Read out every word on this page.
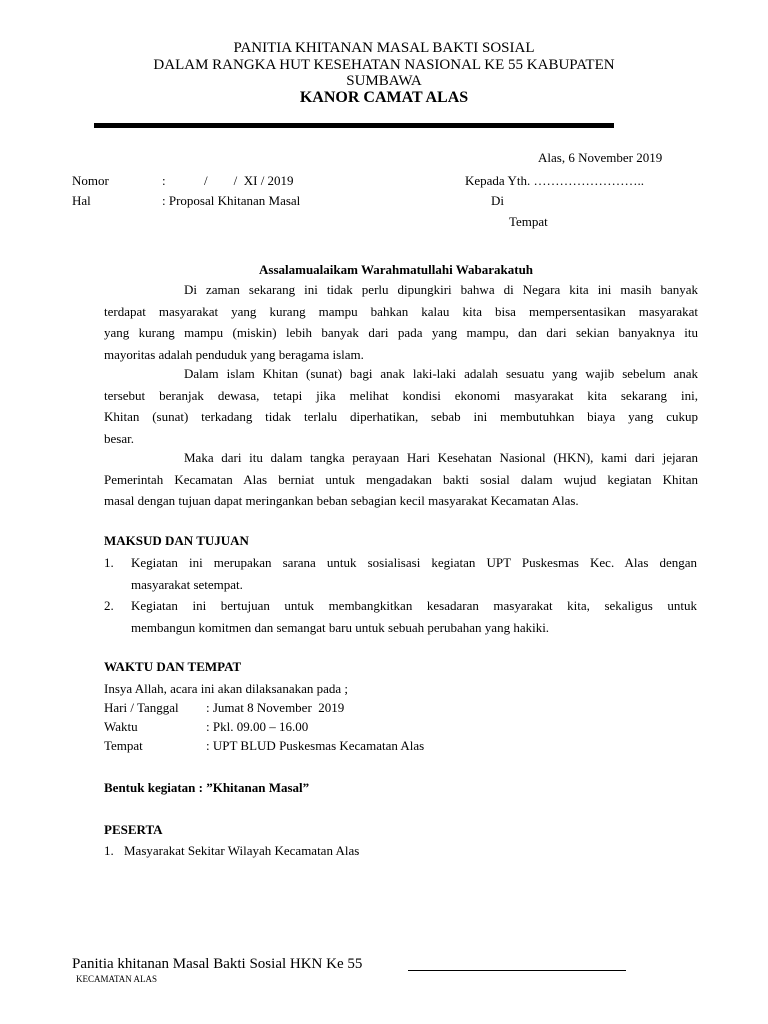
PANITIA KHITANAN MASAL BAKTI SOSIAL
DALAM RANGKA HUT KESEHATAN NASIONAL KE 55 KABUPATEN
SUMBAWA
KANOR CAMAT ALAS
Alas, 6 November 2019
Nomor	:	/        /  XI / 2019	Kepada Yth. ……………………..
Hal	: Proposal Khitanan Masal	Di
Tempat
Assalamualaikam Warahmatullahi Wabarakatuh
Di zaman sekarang ini tidak perlu dipungkiri bahwa di Negara kita ini masih banyak
terdapat masyarakat yang kurang mampu bahkan kalau kita bisa mempersentasikan masyarakat
yang kurang mampu (miskin) lebih banyak dari pada yang mampu, dan dari sekian banyaknya itu
mayoritas adalah penduduk yang beragama islam.
Dalam islam Khitan (sunat) bagi anak laki-laki adalah sesuatu yang wajib sebelum anak
tersebut beranjak dewasa, tetapi jika melihat kondisi ekonomi masyarakat kita sekarang ini,
Khitan (sunat) terkadang tidak terlalu diperhatikan, sebab ini membutuhkan biaya yang cukup
besar.
Maka dari itu dalam tangka perayaan Hari Kesehatan Nasional (HKN), kami dari jejaran
Pemerintah Kecamatan Alas berniat untuk mengadakan bakti sosial dalam wujud kegiatan Khitan
masal dengan tujuan dapat meringankan beban sebagian kecil masyarakat Kecamatan Alas.
MAKSUD DAN TUJUAN
1. Kegiatan ini merupakan sarana untuk sosialisasi kegiatan UPT Puskesmas Kec. Alas dengan
masyarakat setempat.
2. Kegiatan ini bertujuan untuk membangkitkan kesadaran masyarakat kita, sekaligus untuk
membangun komitmen dan semangat baru untuk sebuah perubahan yang hakiki.
WAKTU DAN TEMPAT
Insya Allah, acara ini akan dilaksanakan pada ;
Hari / Tanggal : Jumat 8 November  2019
Waktu	: Pkl. 09.00 – 16.00
Tempat	: UPT BLUD Puskesmas Kecamatan Alas
Bentuk kegiatan : ”Khitanan Masal”
PESERTA
1. Masyarakat Sekitar Wilayah Kecamatan Alas
Panitia khitanan Masal Bakti Sosial HKN Ke 55
KECAMATAN ALAS
